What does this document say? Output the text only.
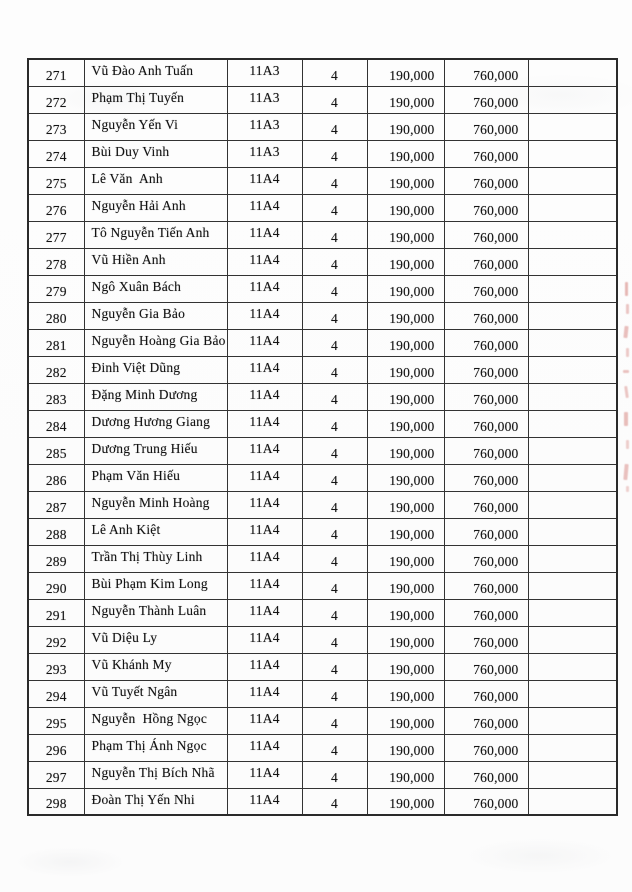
271	Vũ Đào Anh Tuấn	11A3	4	190,000	760,000	
272	Phạm Thị Tuyến	11A3	4	190,000	760,000	
273	Nguyễn Yến Vi	11A3	4	190,000	760,000	
274	Bùi Duy Vinh	11A3	4	190,000	760,000	
275	Lê Văn  Anh	11A4	4	190,000	760,000	
276	Nguyễn Hải Anh	11A4	4	190,000	760,000	
277	Tô Nguyễn Tiến Anh	11A4	4	190,000	760,000	
278	Vũ Hiền Anh	11A4	4	190,000	760,000	
279	Ngô Xuân Bách	11A4	4	190,000	760,000	
280	Nguyễn Gia Bảo	11A4	4	190,000	760,000	
281	Nguyễn Hoàng Gia Bảo	11A4	4	190,000	760,000	
282	Đinh Việt Dũng	11A4	4	190,000	760,000	
283	Đặng Minh Dương	11A4	4	190,000	760,000	
284	Dương Hương Giang	11A4	4	190,000	760,000	
285	Dương Trung Hiếu	11A4	4	190,000	760,000	
286	Phạm Văn Hiếu	11A4	4	190,000	760,000	
287	Nguyễn Minh Hoàng	11A4	4	190,000	760,000	
288	Lê Anh Kiệt	11A4	4	190,000	760,000	
289	Trần Thị Thùy Linh	11A4	4	190,000	760,000	
290	Bùi Phạm Kim Long	11A4	4	190,000	760,000	
291	Nguyễn Thành Luân	11A4	4	190,000	760,000	
292	Vũ Diệu Ly	11A4	4	190,000	760,000	
293	Vũ Khánh My	11A4	4	190,000	760,000	
294	Vũ Tuyết Ngân	11A4	4	190,000	760,000	
295	Nguyễn  Hồng Ngọc	11A4	4	190,000	760,000	
296	Phạm Thị Ánh Ngọc	11A4	4	190,000	760,000	
297	Nguyễn Thị Bích Nhã	11A4	4	190,000	760,000	
298	Đoàn Thị Yến Nhi	11A4	4	190,000	760,000	
